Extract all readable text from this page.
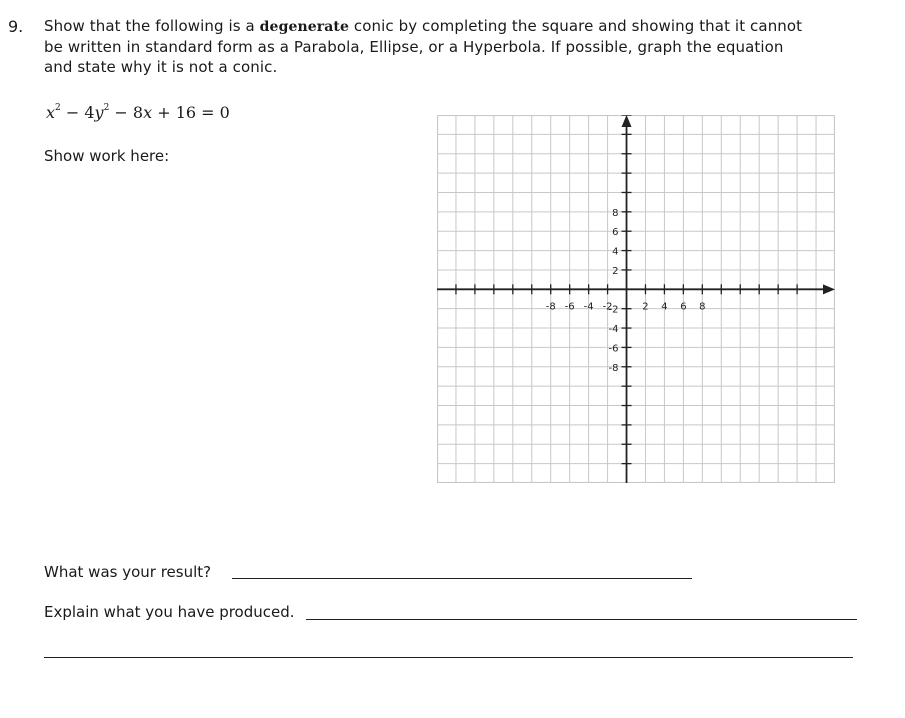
9. Show that the following is a degenerate conic by completing the square and showing that it cannot
be written in standard form as a Parabola, Ellipse, or a Hyperbola. If possible, graph the equation
and state why it is not a conic.
$x^2 - 4y^2 - 8x + 16 = 0$
Show work here:
-8 -6 -4 -2	2 4 6 8
8
6
4
2
-2
-4
-6
-8
What was your result?
Explain what you have produced.
